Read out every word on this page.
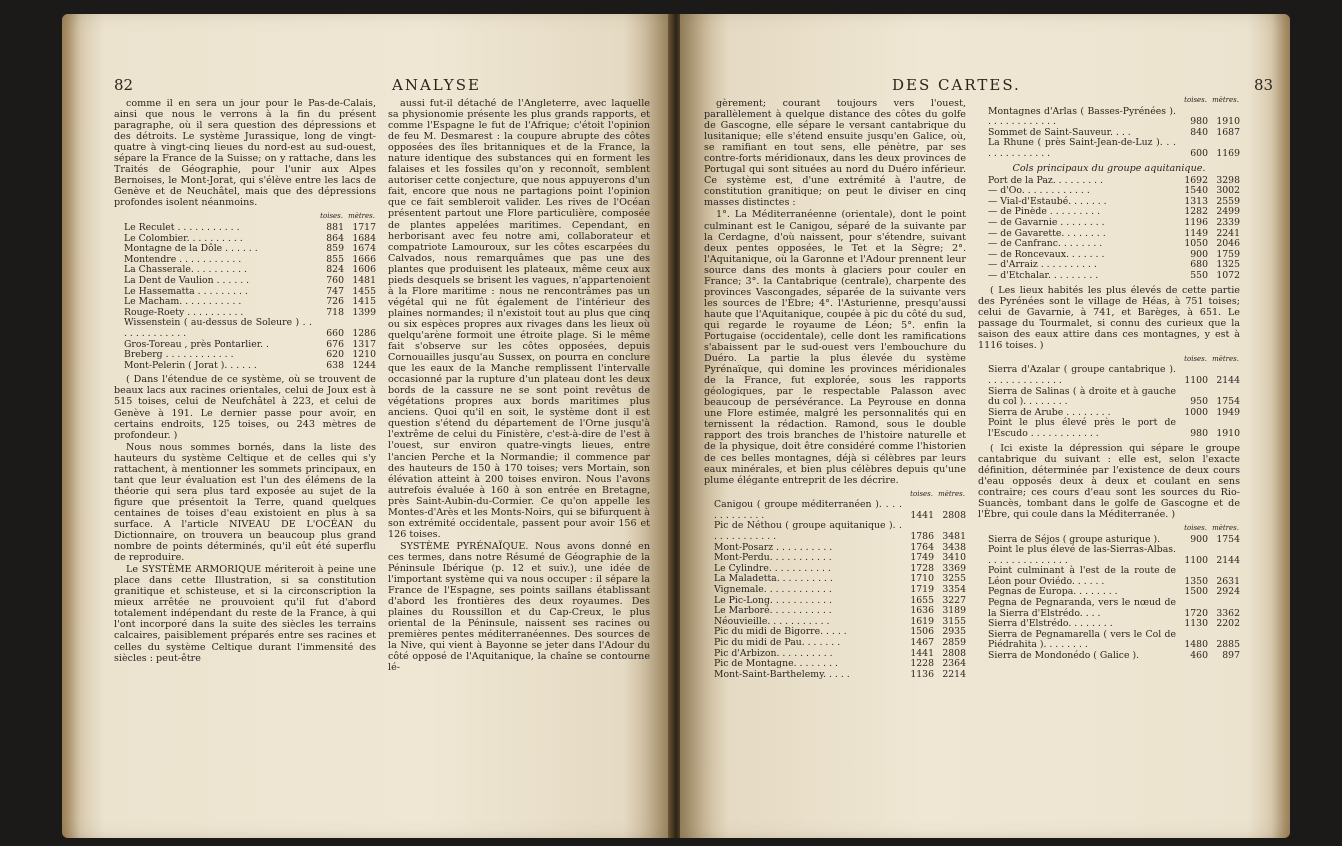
82	ANALYSE

comme il en sera un jour pour le Pas-de-Calais, ainsi que nous le verrons à la fin du présent paragraphe, où il sera question des dépressions et des détroits. Le système Jurassique, long de vingt-quatre à vingt-cinq lieues du nord-est au sud-ouest, sépare la France de la Suisse; on y rattache, dans les Traités de Géographie, pour l'unir aux Alpes Bernoises, le Mont-Jorat, qui s'élève entre les lacs de Genève et de Neuchâtel, mais que des dépressions profondes isolent néanmoins.

	toises.	mètres.
Le Reculet . . . . . . . . . . .	881	1717
Le Colombier. . . . . . . . . .	864	1684
Montagne de la Dôle . . . . . .	859	1674
Montendre . . . . . . . . . . .	855	1666
La Chasserale. . . . . . . . . .	824	1606
La Dent de Vaulion . . . . . .	760	1481
Le Hassematta . . . . . . . . .	747	1455
Le Macham. . . . . . . . . . .	726	1415
Rouge-Roety . . . . . . . . . .	718	1399
Wissenstein ( au-dessus de Soleure ) . . . . . . . . . . . . .	660	1286
Gros-Toreau , près Pontarlier. .	676	1317
Breberg . . . . . . . . . . . .	620	1210
Mont-Pelerin ( Jorat ). . . . . .	638	1244

( Dans l'étendue de ce système, où se trouvent de beaux lacs aux racines orientales, celui de Joux est à 515 toises, celui de Neufchâtel à 223, et celui de Genève à 191. Le dernier passe pour avoir, en certains endroits, 125 toises, ou 243 mètres de profondeur. )

Nous nous sommes bornés, dans la liste des hauteurs du système Celtique et de celles qui s'y rattachent, à mentionner les sommets principaux, en tant que leur évaluation est l'un des élémens de la théorie qui sera plus tard exposée au sujet de la figure que présentoit la Terre, quand quelques centaines de toises d'eau existoient en plus à sa surface. A l'article NIVEAU DE L'OCÉAN du Dictionnaire, on trouvera un beaucoup plus grand nombre de points déterminés, qu'il eût été superflu de reproduire.

Le SYSTÈME ARMORIQUE mériteroit à peine une place dans cette Illustration, si sa constitution granitique et schisteuse, et si la circonscription la mieux arrêtée ne prouvoient qu'il fut d'abord totalement indépendant du reste de la France, à qui l'ont incorporé dans la suite des siècles les terrains calcaires, paisiblement préparés entre ses racines et celles du système Celtique durant l'immensité des siècles : peut-être

aussi fut-il détaché de l'Angleterre, avec laquelle sa physionomie présente les plus grands rapports, et comme l'Espagne le fut de l'Afrique; c'étoit l'opinion de feu M. Desmarest : la coupure abrupte des côtes opposées des îles britanniques et de la France, la nature identique des substances qui en forment les falaises et les fossiles qu'on y reconnoît, semblent autoriser cette conjecture, que nous appuyerons d'un fait, encore que nous ne partagions point l'opinion que ce fait sembleroit valider. Les rives de l'Océan présentent partout une Flore particulière, composée de plantes appelées maritimes. Cependant, en herborisant avec feu notre ami, collaborateur et compatriote Lamouroux, sur les côtes escarpées du Calvados, nous remarquâmes que pas une des plantes que produisent les plateaux, même ceux aux pieds desquels se brisent les vagues, n'appartenoient à la Flore maritime : nous ne rencontrâmes pas un végétal qui ne fût également de l'intérieur des plaines normandes; il n'existoit tout au plus que cinq ou six espèces propres aux rivages dans les lieux où quelqu'arène formoit une étroite plage. Si le même fait s'observe sur les côtes opposées, depuis Cornouailles jusqu'au Sussex, on pourra en conclure que les eaux de la Manche remplissent l'intervalle occasionné par la rupture d'un plateau dont les deux bords de la cassure ne se sont point revêtus de végétations propres aux bords maritimes plus anciens. Quoi qu'il en soit, le système dont il est question s'étend du département de l'Orne jusqu'à l'extrême de celui du Finistère, c'est-à-dire de l'est à l'ouest, sur environ quatre-vingts lieues, entre l'ancien Perche et la Normandie; il commence par des hauteurs de 150 à 170 toises; vers Mortain, son élévation atteint à 200 toises environ. Nous l'avons autrefois évaluée à 160 à son entrée en Bretagne, près Saint-Aubin-du-Cormier. Ce qu'on appelle les Montes-d'Arès et les Monts-Noirs, qui se bifurquent à son extrémité occidentale, passent pour avoir 156 et 126 toises.

SYSTÈME PYRÉNAÏQUE. Nous avons donné en ces termes, dans notre Résumé de Géographie de la Péninsule Ibérique (p. 12 et suiv.), une idée de l'important système qui va nous occuper : il sépare la France de l'Espagne, ses points saillans établissant d'abord les frontières des deux royaumes. Des plaines du Roussillon et du Cap-Creux, le plus oriental de la Péninsule, naissent ses racines ou premières pentes méditerranéennes. Des sources de la Nive, qui vient à Bayonne se jeter dans l'Adour du côté opposé de l'Aquitanique, la chaîne se contourne lé-

DES CARTES.	83

gèrement; courant toujours vers l'ouest, parallèlement à quelque distance des côtes du golfe de Gascogne, elle sépare le versant cantabrique du lusitanique; elle s'étend ensuite jusqu'en Galice, où, se ramifiant en tout sens, elle pénètre, par ses contre-forts méridionaux, dans les deux provinces de Portugal qui sont situées au nord du Duéro inférieur. Ce système est, d'une extrémité à l'autre, de constitution granitique; on peut le diviser en cinq masses distinctes :

1°. La Méditerranéenne (orientale), dont le point culminant est le Canigou, séparé de la suivante par la Cerdagne, d'où naissent, pour s'étendre, suivant deux pentes opposées, le Tet et la Sègre; 2°. l'Aquitanique, où la Garonne et l'Adour prennent leur source dans des monts à glaciers pour couler en France; 3°. la Cantabrique (centrale), charpente des provinces Vascongades, séparée de la suivante vers les sources de l'Èbre; 4°. l'Asturienne, presqu'aussi haute que l'Aquitanique, coupée à pic du côté du sud, qui regarde le royaume de Léon; 5°. enfin la Portugaise (occidentale), celle dont les ramifications s'abaissent par le sud-ouest vers l'embouchure du Duéro. La partie la plus élevée du système Pyrénaïque, qui domine les provinces méridionales de la France, fut explorée, sous les rapports géologiques, par le respectable Palasson avec beaucoup de persévérance. La Peyrouse en donna une Flore estimée, malgré les personnalités qui en ternissent la rédaction. Ramond, sous le double rapport des trois branches de l'histoire naturelle et de la physique, doit être considéré comme l'historien de ces belles montagnes, déjà si célèbres par leurs eaux minérales, et bien plus célèbres depuis qu'une plume élégante entreprit de les décrire.

	toises.	mètres.
Canigou ( groupe méditerranéen ). . . . . . . . . . . . .	1441	2808
Pic de Néthou ( groupe aquitanique ). . . . . . . . . . . . .	1786	3481
Mont-Posarz . . . . . . . . . .	1764	3438
Mont-Perdu. . . . . . . . . . .	1749	3410
Le Cylindre. . . . . . . . . . .	1728	3369
La Maladetta. . . . . . . . . .	1710	3255
Vignemale. . . . . . . . . . . .	1719	3354
Le Pic-Long. . . . . . . . . . .	1655	3227
Le Marboré. . . . . . . . . . .	1636	3189
Néouvieille. . . . . . . . . . .	1619	3155
Pic du midi de Bigorre. . . . .	1506	2935
Pic du midi de Pau. . . . . . .	1467	2859
Pic d'Arbizon. . . . . . . . . .	1441	2808
Pic de Montagne. . . . . . . .	1228	2364
Mont-Saint-Barthelemy. . . . .	1136	2214
	toises.	mètres.
Montagnes d'Arlas ( Basses-Pyrénées ). . . . . . . . . . . . .	980	1910
Sommet de Saint-Sauveur. . . .	840	1687
La Rhune ( près Saint-Jean-de-Luz ). . . . . . . . . . . . . .	600	1169

Cols principaux du groupe aquitanique.

Port de la Paz. . . . . . . . .	1692	3298
— d'Oo. . . . . . . . . . . .	1540	3002
— Vial-d'Estaubé. . . . . . .	1313	2559
— de Pinède . . . . . . . . .	1282	2499
— de Gavarnie . . . . . . . .	1196	2339
— de Gavarette. . . . . . . .	1149	2241
— de Canfranc. . . . . . . .	1050	2046
— de Roncevaux. . . . . . .	900	1759
— d'Arraiz . . . . . . . . . .	680	1325
— d'Etchalar. . . . . . . . .	550	1072

( Les lieux habités les plus élevés de cette partie des Pyrénées sont le village de Héas, à 751 toises; celui de Gavarnie, à 741, et Barèges, à 651. Le passage du Tourmalet, si connu des curieux que la saison des eaux attire dans ces montagnes, y est à 1116 toises. )

	toises.	mètres.
Sierra d'Azalar ( groupe cantabrique ). . . . . . . . . . . . . .	1100	2144
Sierra de Salinas ( à droite et à gauche du col ). . . . . . . .	950	1754
Sierra de Arube . . . . . . . .	1000	1949
Point le plus élevé près le port de l'Escudo . . . . . . . . . . . .	980	1910

( Ici existe la dépression qui sépare le groupe cantabrique du suivant : elle est, selon l'exacte définition, déterminée par l'existence de deux cours d'eau opposés deux à deux et coulant en sens contraire; ces cours d'eau sont les sources du Rio-Suancès, tombant dans le golfe de Gascogne et de l'Èbre, qui coule dans la Méditerranée. )

	toises.	mètres.
Sierra de Séjos ( groupe asturique ).	900	1754
Point le plus élevé de las-Sierras-Albas. . . . . . . . . . . . . . .	1100	2144
Point culminant à l'est de la route de Léon pour Oviédo. . . . . .	1350	2631
Pegnas de Europa. . . . . . . .	1500	2924
Pegna de Pegnaranda, vers le nœud de la Sierra d'Elstrédo. . . .	1720	3362
Sierra d'Elstrédo. . . . . . . .	1130	2202
Sierra de Pegnamarella ( vers le Col de Piédrahita ). . . . . . . .	1480	2885
Sierra de Mondonédo ( Galice ).	460	897
